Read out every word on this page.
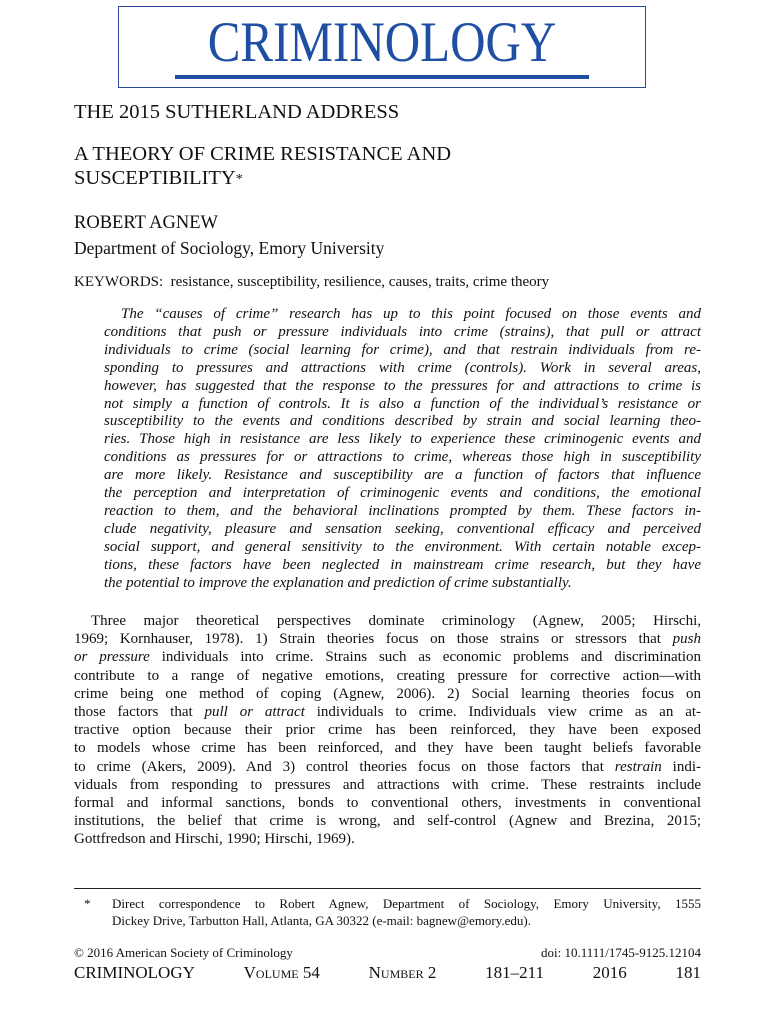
CRIMINOLOGY
THE 2015 SUTHERLAND ADDRESS
A THEORY OF CRIME RESISTANCE AND
SUSCEPTIBILITY*
ROBERT AGNEW
Department of Sociology, Emory University
KEYWORDS: resistance, susceptibility, resilience, causes, traits, crime theory
The “causes of crime” research has up to this point focused on those events and
conditions that push or pressure individuals into crime (strains), that pull or attract
individuals to crime (social learning for crime), and that restrain individuals from re-
sponding to pressures and attractions with crime (controls). Work in several areas,
however, has suggested that the response to the pressures for and attractions to crime is
not simply a function of controls. It is also a function of the individual’s resistance or
susceptibility to the events and conditions described by strain and social learning theo-
ries. Those high in resistance are less likely to experience these criminogenic events and
conditions as pressures for or attractions to crime, whereas those high in susceptibility
are more likely. Resistance and susceptibility are a function of factors that influence
the perception and interpretation of criminogenic events and conditions, the emotional
reaction to them, and the behavioral inclinations prompted by them. These factors in-
clude negativity, pleasure and sensation seeking, conventional efficacy and perceived
social support, and general sensitivity to the environment. With certain notable excep-
tions, these factors have been neglected in mainstream crime research, but they have
the potential to improve the explanation and prediction of crime substantially.
Three major theoretical perspectives dominate criminology (Agnew, 2005; Hirschi,
1969; Kornhauser, 1978). 1) Strain theories focus on those strains or stressors that push
or pressure individuals into crime. Strains such as economic problems and discrimination
contribute to a range of negative emotions, creating pressure for corrective action—with
crime being one method of coping (Agnew, 2006). 2) Social learning theories focus on
those factors that pull or attract individuals to crime. Individuals view crime as an at-
tractive option because their prior crime has been reinforced, they have been exposed
to models whose crime has been reinforced, and they have been taught beliefs favorable
to crime (Akers, 2009). And 3) control theories focus on those factors that restrain indi-
viduals from responding to pressures and attractions with crime. These restraints include
formal and informal sanctions, bonds to conventional others, investments in conventional
institutions, the belief that crime is wrong, and self-control (Agnew and Brezina, 2015;
Gottfredson and Hirschi, 1990; Hirschi, 1969).
* Direct correspondence to Robert Agnew, Department of Sociology, Emory University, 1555
Dickey Drive, Tarbutton Hall, Atlanta, GA 30322 (e-mail: bagnew@emory.edu).
© 2016 American Society of Criminology	doi: 10.1111/1745-9125.12104
CRIMINOLOGY	Volume 54	Number 2	181–211	2016	181
